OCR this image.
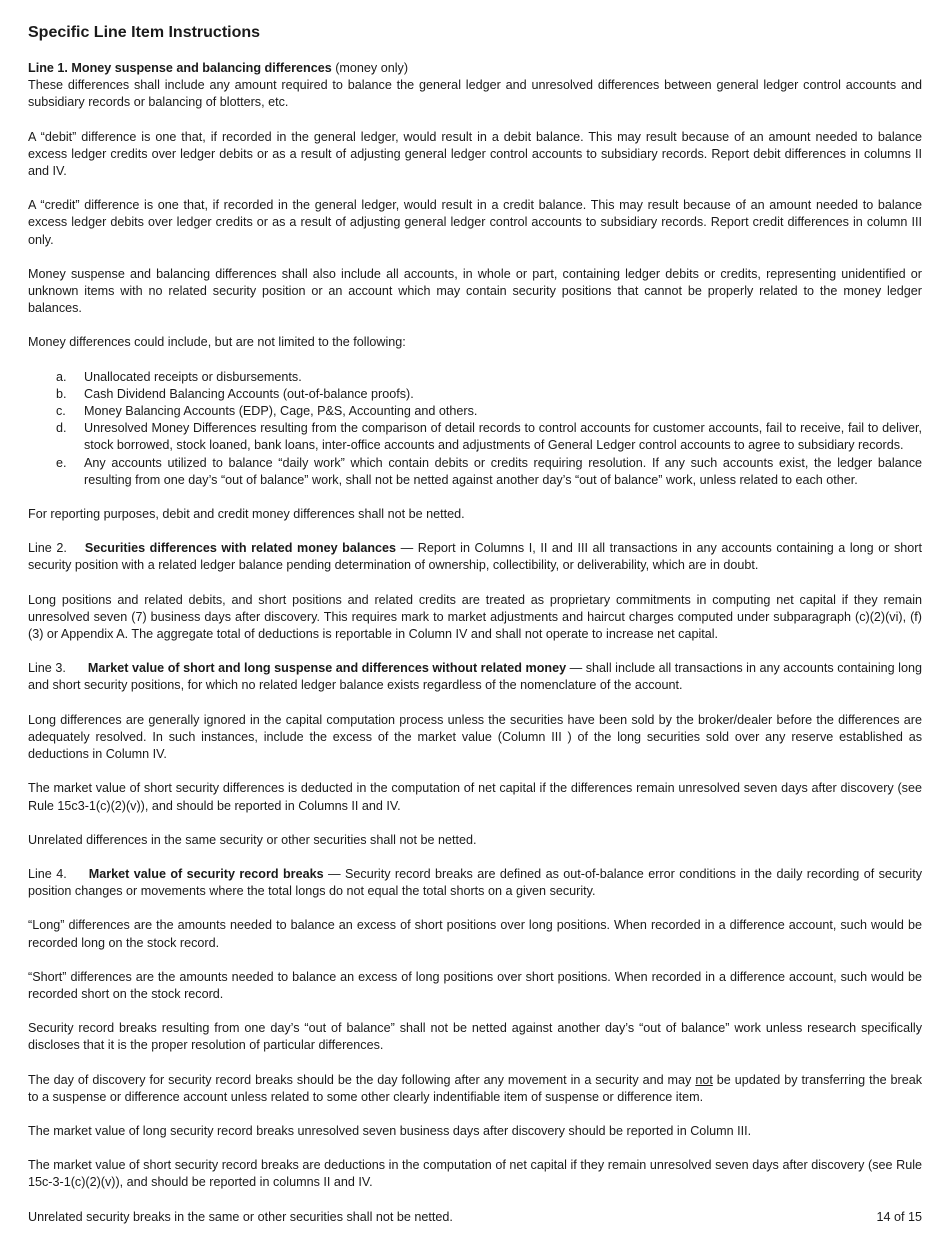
Specific Line Item Instructions

Line 1. Money suspense and balancing differences (money only)
These differences shall include any amount required to balance the general ledger and unresolved differences between general ledger control accounts and subsidiary records or balancing of blotters, etc.

A “debit” difference is one that, if recorded in the general ledger, would result in a debit balance. This may result because of an amount needed to balance excess ledger credits over ledger debits or as a result of adjusting general ledger control accounts to subsidiary records. Report debit differences in columns II and IV.

A “credit” difference is one that, if recorded in the general ledger, would result in a credit balance. This may result because of an amount needed to balance excess ledger debits over ledger credits or as a result of adjusting general ledger control accounts to subsidiary records. Report credit differences in column III only.

Money suspense and balancing differences shall also include all accounts, in whole or part, containing ledger debits or credits, representing unidentified or unknown items with no related security position or an account which may contain security positions that cannot be properly related to the money ledger balances.

Money differences could include, but are not limited to the following:

a. Unallocated receipts or disbursements.
b. Cash Dividend Balancing Accounts (out-of-balance proofs).
c. Money Balancing Accounts (EDP), Cage, P&S, Accounting and others.
d. Unresolved Money Differences resulting from the comparison of detail records to control accounts for customer accounts, fail to receive, fail to deliver, stock borrowed, stock loaned, bank loans, inter-office accounts and adjustments of General Ledger control accounts to agree to subsidiary records.
e. Any accounts utilized to balance “daily work” which contain debits or credits requiring resolution. If any such accounts exist, the ledger balance resulting from one day’s “out of balance” work, shall not be netted against another day’s “out of balance” work, unless related to each other.

For reporting purposes, debit and credit money differences shall not be netted.

Line 2. Securities differences with related money balances — Report in Columns I, II and III all transactions in any accounts containing a long or short security position with a related ledger balance pending determination of ownership, collectibility, or deliverability, which are in doubt.

Long positions and related debits, and short positions and related credits are treated as proprietary commitments in computing net capital if they remain unresolved seven (7) business days after discovery. This requires mark to market adjustments and haircut charges computed under subparagraph (c)(2)(vi), (f)(3) or Appendix A. The aggregate total of deductions is reportable in Column IV and shall not operate to increase net capital.

Line 3. Market value of short and long suspense and differences without related money — shall include all transactions in any accounts containing long and short security positions, for which no related ledger balance exists regardless of the nomenclature of the account.

Long differences are generally ignored in the capital computation process unless the securities have been sold by the broker/dealer before the differences are adequately resolved. In such instances, include the excess of the market value (Column III ) of the long securities sold over any reserve established as deductions in Column IV.

The market value of short security differences is deducted in the computation of net capital if the differences remain unresolved seven days after discovery (see Rule 15c3-1(c)(2)(v)), and should be reported in Columns II and IV.

Unrelated differences in the same security or other securities shall not be netted.

Line 4. Market value of security record breaks — Security record breaks are defined as out-of-balance error conditions in the daily recording of security position changes or movements where the total longs do not equal the total shorts on a given security.

“Long” differences are the amounts needed to balance an excess of short positions over long positions. When recorded in a difference account, such would be recorded long on the stock record.

“Short” differences are the amounts needed to balance an excess of long positions over short positions. When recorded in a difference account, such would be recorded short on the stock record.

Security record breaks resulting from one day’s “out of balance” shall not be netted against another day’s “out of balance” work unless research specifically discloses that it is the proper resolution of particular differences.

The day of discovery for security record breaks should be the day following after any movement in a security and may not be updated by transferring the break to a suspense or difference account unless related to some other clearly indentifiable item of suspense or difference item.

The market value of long security record breaks unresolved seven business days after discovery should be reported in Column III.

The market value of short security record breaks are deductions in the computation of net capital if they remain unresolved seven days after discovery (see Rule 15c-3-1(c)(2)(v)), and should be reported in columns II and IV.

Unrelated security breaks in the same or other securities shall not be netted.	14 of 15
